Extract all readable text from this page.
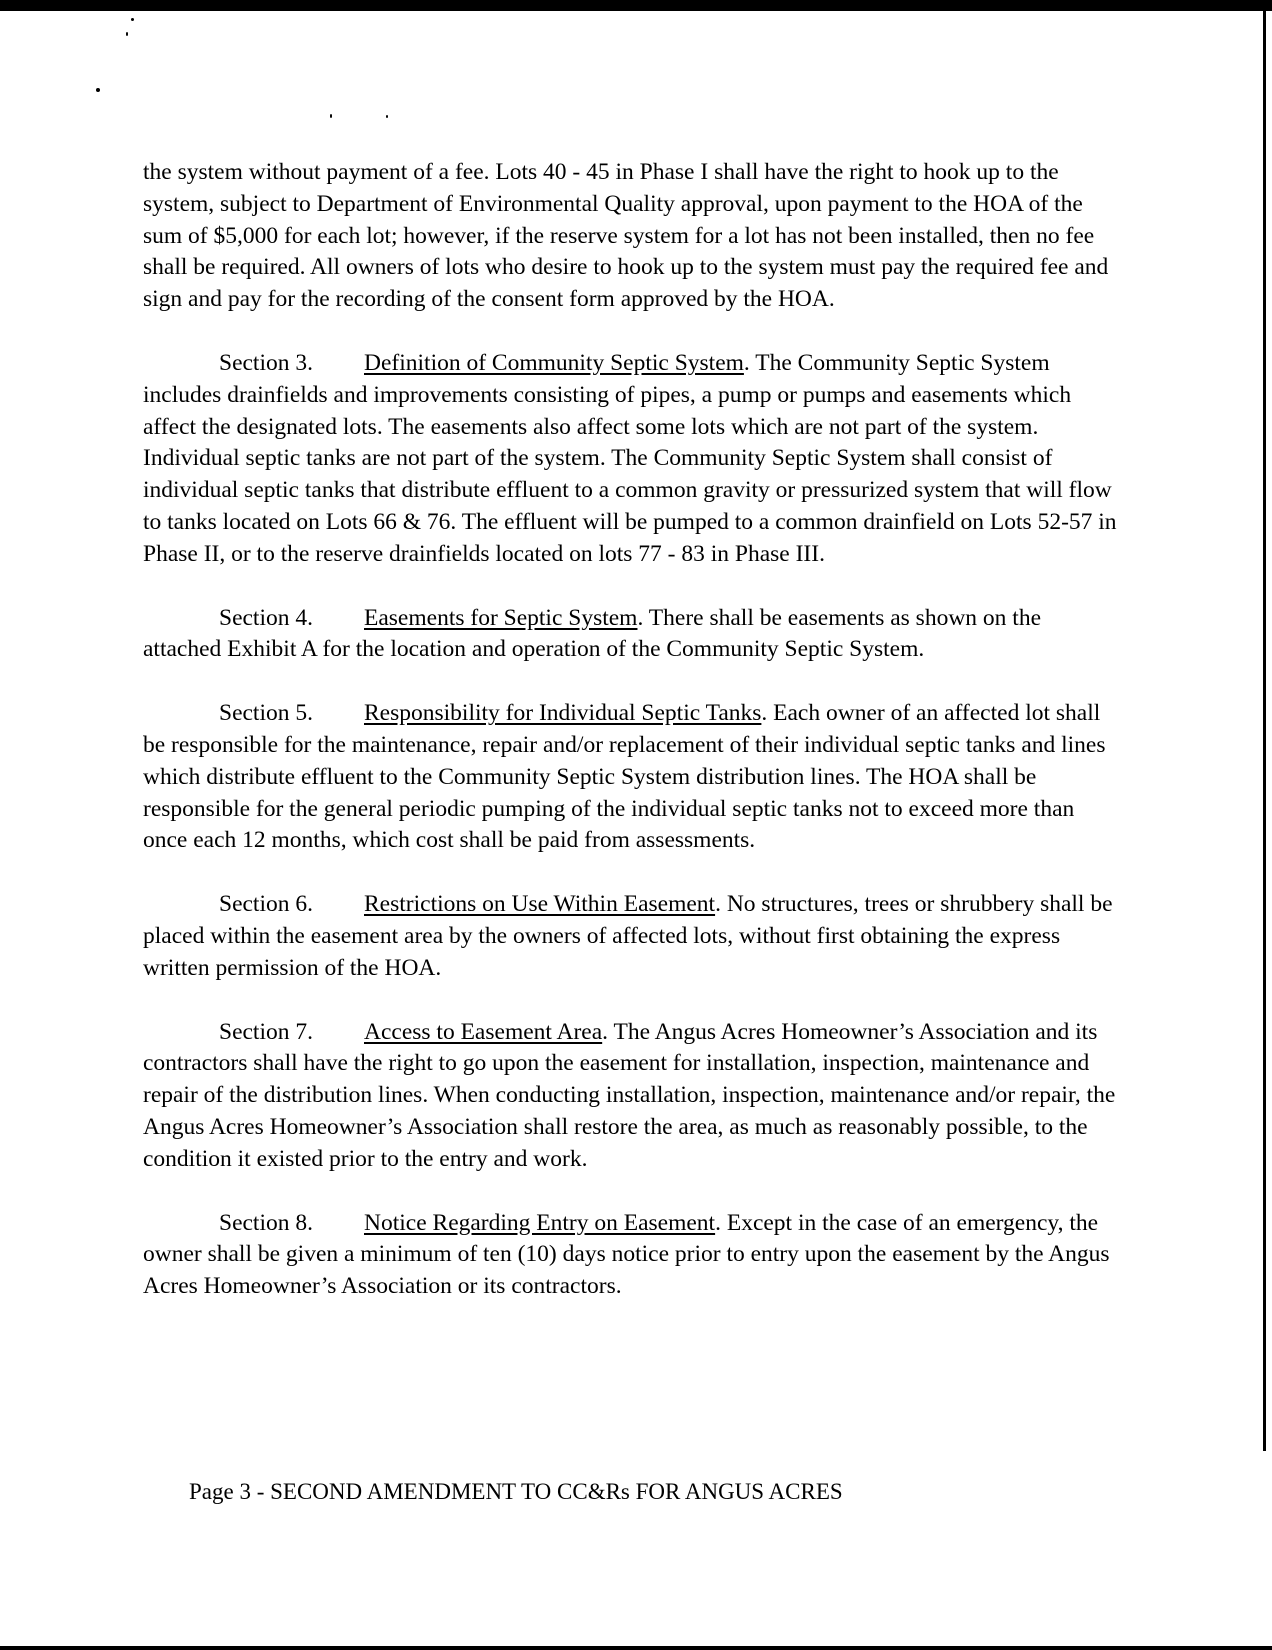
the system without payment of a fee. Lots 40 - 45 in Phase I shall have the right to hook up to the system, subject to Department of Environmental Quality approval, upon payment to the HOA of the sum of $5,000 for each lot; however, if the reserve system for a lot has not been installed, then no fee shall be required. All owners of lots who desire to hook up to the system must pay the required fee and sign and pay for the recording of the consent form approved by the HOA.

Section 3. Definition of Community Septic System. The Community Septic System includes drainfields and improvements consisting of pipes, a pump or pumps and easements which affect the designated lots. The easements also affect some lots which are not part of the system. Individual septic tanks are not part of the system. The Community Septic System shall consist of individual septic tanks that distribute effluent to a common gravity or pressurized system that will flow to tanks located on Lots 66 & 76. The effluent will be pumped to a common drainfield on Lots 52-57 in Phase II, or to the reserve drainfields located on lots 77 - 83 in Phase III.

Section 4. Easements for Septic System. There shall be easements as shown on the attached Exhibit A for the location and operation of the Community Septic System.

Section 5. Responsibility for Individual Septic Tanks. Each owner of an affected lot shall be responsible for the maintenance, repair and/or replacement of their individual septic tanks and lines which distribute effluent to the Community Septic System distribution lines. The HOA shall be responsible for the general periodic pumping of the individual septic tanks not to exceed more than once each 12 months, which cost shall be paid from assessments.

Section 6. Restrictions on Use Within Easement. No structures, trees or shrubbery shall be placed within the easement area by the owners of affected lots, without first obtaining the express written permission of the HOA.

Section 7. Access to Easement Area. The Angus Acres Homeowner’s Association and its contractors shall have the right to go upon the easement for installation, inspection, maintenance and repair of the distribution lines. When conducting installation, inspection, maintenance and/or repair, the Angus Acres Homeowner’s Association shall restore the area, as much as reasonably possible, to the condition it existed prior to the entry and work.

Section 8. Notice Regarding Entry on Easement. Except in the case of an emergency, the owner shall be given a minimum of ten (10) days notice prior to entry upon the easement by the Angus Acres Homeowner’s Association or its contractors.

Page 3 - SECOND AMENDMENT TO CC&Rs FOR ANGUS ACRES
